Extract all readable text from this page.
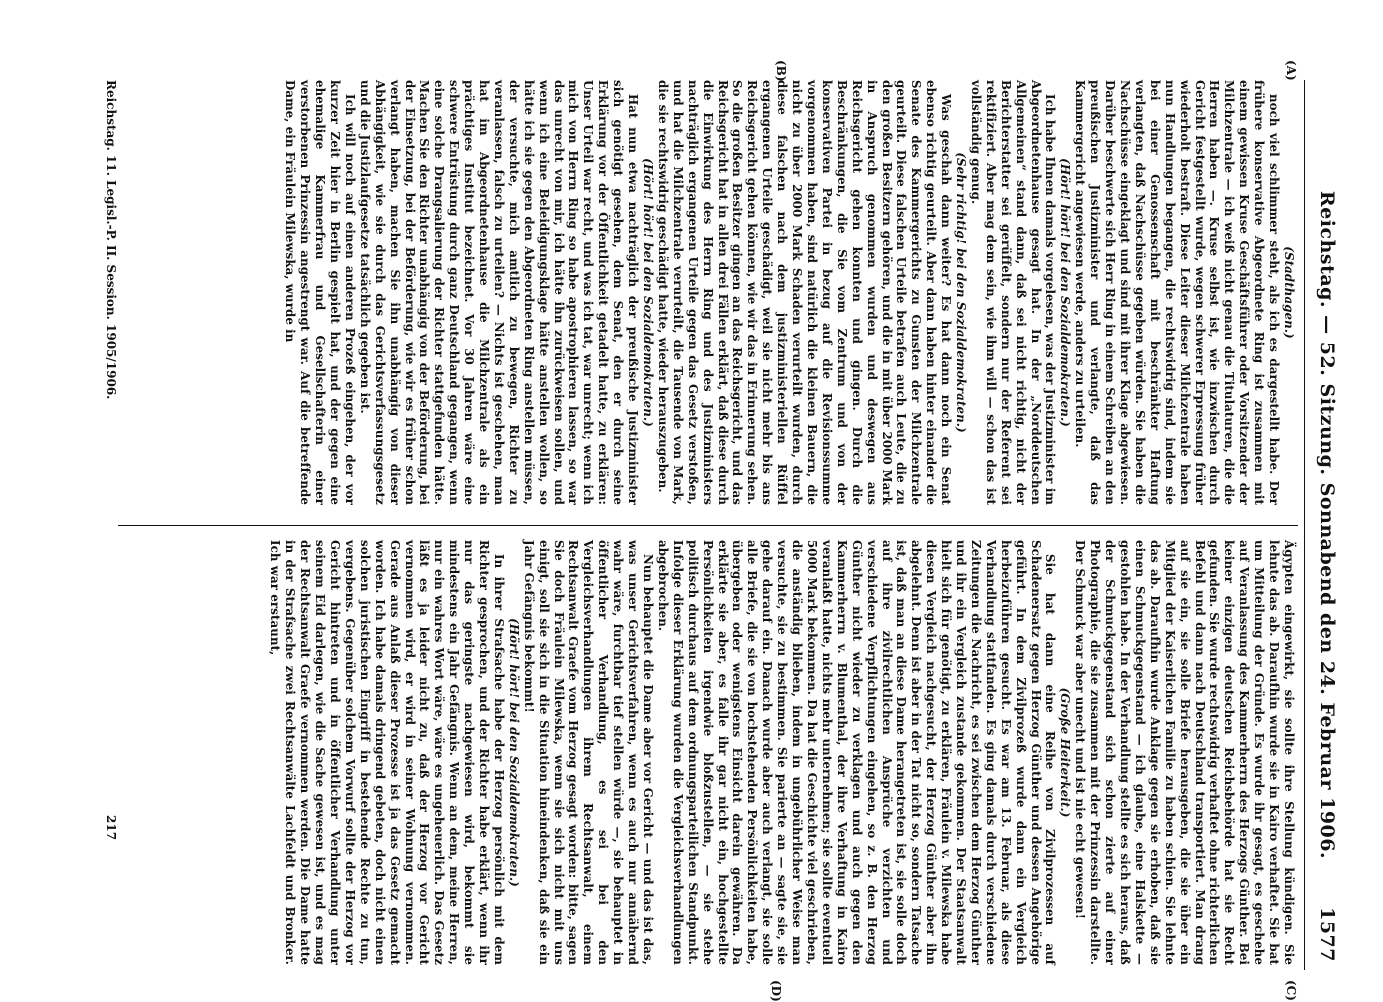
Reichstag. — 52. Sitzung. Sonnabend den 24. Februar 1906.
1577
(A)
(B)
(C)
(D)

(Stadthagen.)

noch viel schlimmer steht, als ich es dargestellt habe. Der frühere konservative Abgeordnete Ring ist zusammen mit einem gewissen Kruse Geschäftsführer oder Vorsitzender der Milchzentrale — ich weiß nicht genau die Titulaturen, die die Herren haben —. Kruse selbst ist, wie inzwischen durch Gericht festgestellt wurde, wegen schwerer Erpressung früher wiederholt bestraft. Diese Leiter dieser Milchzentrale haben nun Handlungen begangen, die rechtswidrig sind, indem sie bei einer Genossenschaft mit beschränkter Haftung verlangten, daß Nachschüsse gegeben würden. Sie haben die Nachschüsse eingeklagt und sind mit ihrer Klage abgewiesen. Darüber beschwerte sich Herr Ring in einem Schreiben an den preußischen Justizminister und verlangte, daß das Kammergericht angewiesen werde, anders zu urteilen.

(Hört! hört! bei den Sozialdemokraten.)

Ich habe Ihnen damals vorgelesen, was der Justizminister im Abgeordnetenhause gesagt hat. In der „Norddeutschen Allgemeinen“ stand dann, daß sei nicht richtig, nicht der Berichterstatter sei gerüffelt, sondern nur der Referent sei rektifiziert. Aber mag dem sein, wie ihm will — schon das ist vollständig genug.

(Sehr richtig! bei den Sozialdemokraten.)

Was geschah dann weiter? Es hat dann noch ein Senat ebenso richtig geurteilt. Aber dann haben hinter einander die Senate des Kammergerichts zu Gunsten der Milchzentrale geurteilt. Diese falschen Urteile betrafen auch Leute, die zu den großen Besitzern gehören, und die in mit über 2000 Mark in Anspruch genommen wurden und deswegen aus Reichsgericht gehen konnten und gingen. Durch die Beschränkungen, die Sie vom Zentrum und von der konservativen Partei in bezug auf die Revisionssumme vorgenommen haben, sind natürlich die kleinen Bauern, die nicht zu über 2000 Mark Schaden verurteilt wurden, durch diese falschen nach dem justizministeriellen Rüffel ergangenen Urteile geschädigt, weil sie nicht mehr bis ans Reichsgericht gehen können, wie wir das in Erinnerung sehen. So die großen Besitzer gingen an das Reichsgericht, und das Reichsgericht hat in allen drei Fällen erklärt, daß diese durch die Einwirkung des Herrn Ring und des Justizministers nachträglich ergangenen Urteile gegen das Gesetz verstoßen, und hat die Milchzentrale verurteilt, die Tausende von Mark, die sie rechtswidrig geschädigt hatte, wieder herauszugeben.

(Hört! hört! bei den Sozialdemokraten.)

Hat nun etwa nachträglich der preußische Justizminister sich genötigt gesehen, dem Senat, den er durch seine Erklärung vor der Öffentlichkeit getadelt hatte, zu erklären: Unser Urteil war recht, und was ich tat, war unrecht; wenn ich mich von Herrn Ring so habe apostrophieren lassen, so war das unrecht von mir, ich hätte ihn zurückweisen sollen, und wenn ich eine Beleidigungsklage hätte anstellen wollen, so hätte ich sie gegen den Abgeordneten Ring anstellen müssen, der versuchte, mich amtlich zu bewegen, Richter zu veranlassen, falsch zu urteilen? — Nichts ist geschehen, man hat im Abgeordnetenhause die Milchzentrale als ein prächtiges Institut bezeichnet. Vor 30 Jahren wäre eine schwere Entrüstung durch ganz Deutschland gegangen, wenn eine solche Drangsalierung der Richter stattgefunden hätte. Machen Sie den Richter unabhängig von der Beförderung, bei der Einsetzung, bei der Beförderung, wie wir es früher schon verlangt haben, machen Sie ihn unabhängig von dieser Abhängigkeit, wie sie durch das Gerichtsverfassungsgesetz und die Justizlaufgesetze tatsächlich gegeben ist.

Ich will noch auf einen anderen Prozeß eingehen, der vor kurzer Zeit hier in Berlin gespielt hat, und der gegen eine ehemalige Kammerfrau und Gesellschafterin einer verstorbenen Prinzessin angestrengt war. Auf die betreffende Dame, ein Fräulein Milewska, wurde in

Ägypten eingewirkt, sie sollte ihre Stellung kündigen. Sie lehnte das ab. Daraufhin wurde sie in Kairo verhaftet. Sie bat um Mitteilung der Gründe. Es wurde ihr gesagt, es geschehe auf Veranlassung des Kammerherrn des Herzogs Günther. Bei keiner einzigen deutschen Reichsbehörde hat sie Recht gefunden. Sie wurde rechtswidrig verhaftet ohne richterlichen Befehl und dann nach Deutschland transportiert. Man drang auf sie ein, sie solle Briefe herausgeben, die sie über ein Mitglied der Kaiserlichen Familie zu haben schien. Sie lehnte das ab. Daraufhin wurde Anklage gegen sie erhoben, daß sie einen Schmuckgegenstand — ich glaube, eine Halskette — gestohlen habe. In der Verhandlung stellte es sich heraus, daß der Schmuckgegenstand sich schon zierte auf einer Photographie, die sie zusammen mit der Prinzessin darstellte. Der Schmuck war aber unecht und ist nie echt gewesen!

(Große Heiterkeit.)

Sie hat dann eine Reihe von Zivilprozessen auf Schadenersatz gegen Herzog Günther und dessen Angehörige geführt. In dem Zivilprozeß wurde dann ein Vergleich herbeizuführen gesucht. Es war am 13. Februar, als diese Verhandlung stattfanden. Es ging damals durch verschiedene Zeitungen die Nachricht, es sei zwischen dem Herzog Günther und ihr ein Vergleich zustande gekommen. Der Staatsanwalt hielt sich für genötigt, zu erklären, Fräulein v. Milewska habe diesen Vergleich nachgesucht, der Herzog Günther aber ihn abgelehnt. Denn ist aber in der Tat nicht so, sondern Tatsache ist, daß man an diese Dame herangetreten ist, sie solle doch auf ihre zivilrechtlichen Ansprüche verzichten und verschiedene Verpflichtungen eingehen, so z. B. den Herzog Günther nicht wieder zu verklagen und auch gegen den Kammerherrn v. Blumenthal, der ihre Verhaftung in Kairo veranlaßt hatte, nichts mehr unternehmen; sie sollte eventuell 5000 Mark bekommen. Da hat die Geschichte viel geschrieben, die anständig blieben, indem in ungebührlicher Weise man versuchte, sie zu bestimmen. Sie parierte an — sagte sie, sie gehe darauf ein. Danach wurde aber auch verlangt, sie solle alle Briefe, die sie von hochstehenden Persönlichkeiten habe, übergeben oder wenigstens Einsicht darein gewähren. Da erklärte sie aber, es falle ihr gar nicht ein, hochgestellte Persönlichkeiten irgendwie bloßzustellen, — sie stehe politisch durchaus auf dem ordnungsparteilichen Standpunkt. Infolge dieser Erklärung wurden die Vergleichsverhandlungen abgebrochen.

Nun behauptet die Dame aber vor Gericht — und das ist das, was unser Gerichtsverfahren, wenn es auch nur annähernd wahr wäre, furchtbar tief stellen würde —, sie behauptet in öffentlicher Verhandlung, es sei bei den Vergleichsverhandlungen ihrem Rechtsanwalt, einem Rechtsanwalt Graefe vom Herzog gesagt worden: bitte, sagen Sie doch Fräulein Milewska, wenn sie sich nicht mit uns einigt, soll sie sich in die Situation hineindenken, daß sie ein Jahr Gefängnis bekommt!

(Hört! hört! bei den Sozialdemokraten.)

In ihrer Strafsache habe der Herzog persönlich mit dem Richter gesprochen, und der Richter habe erklärt, wenn ihr nur das geringste nachgewiesen wird, bekommt sie mindestens ein Jahr Gefängnis. Wenn an dem, meine Herren, nur ein wahres Wort wäre, wäre es ungeheuerlich. Das Gesetz läßt es ja leider nicht zu, daß der Herzog vor Gericht vernommen wird, er wird in seiner Wohnung vernommen. Gerade aus Anlaß dieser Prozesse ist ja das Gesetz gemacht worden. Ich habe damals dringend gebeten, doch nicht einen solchen juristischen Eingriff in bestehende Rechte zu tun, vergebens. Gegenüber solchem Vorwurf sollte der Herzog vor Gericht hintreten und in öffentlicher Verhandlung unter seinem Eid darlegen, wie die Sache gewesen ist, und es mag der Rechtsanwalt Graefe vernommen werden. Die Dame hatte in der Strafsache zwei Rechtsanwälte Lachfeldt und Bronker. Ich war erstaunt,

Reichstag. 11. Legisl.-P. II. Session. 1905/1906.
217
